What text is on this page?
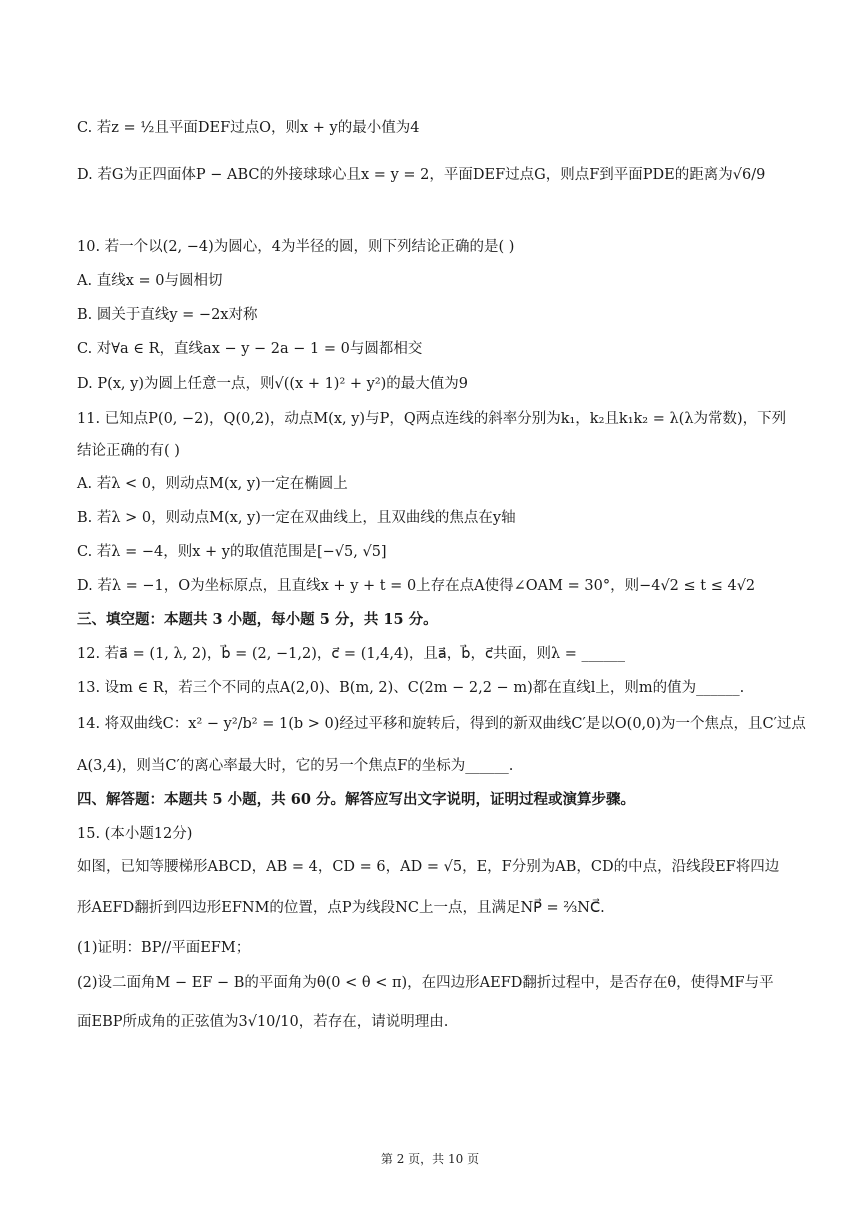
C. 若z = ½且平面DEF过点O，则x + y的最小值为4
D. 若G为正四面体P − ABC的外接球球心且x = y = 2，平面DEF过点G，则点F到平面PDE的距离为√6/9
10. 若一个以(2, −4)为圆心，4为半径的圆，则下列结论正确的是( )
A. 直线x = 0与圆相切
B. 圆关于直线y = −2x对称
C. 对∀a ∈ R，直线ax − y − 2a − 1 = 0与圆都相交
D. P(x, y)为圆上任意一点，则√((x + 1)² + y²)的最大值为9
11. 已知点P(0, −2)，Q(0,2)，动点M(x, y)与P，Q两点连线的斜率分别为k₁，k₂且k₁k₂ = λ(λ为常数)，下列
结论正确的有( )
A. 若λ < 0，则动点M(x, y)一定在椭圆上
B. 若λ > 0，则动点M(x, y)一定在双曲线上，且双曲线的焦点在y轴
C. 若λ = −4，则x + y的取值范围是[−√5, √5]
D. 若λ = −1，O为坐标原点，且直线x + y + t = 0上存在点A使得∠OAM = 30°，则−4√2 ≤ t ≤ 4√2
三、填空题：本题共 3 小题，每小题 5 分，共 15 分。
12. 若a⃗ = (1, λ, 2)，b⃗ = (2, −1,2)，c⃗ = (1,4,4)，且a⃗，b⃗，c⃗共面，则λ = ______
13. 设m ∈ R，若三个不同的点A(2,0)、B(m, 2)、C(2m − 2,2 − m)都在直线l上，则m的值为______.
14. 将双曲线C：x² − y²/b² = 1(b > 0)经过平移和旋转后，得到的新双曲线C′是以O(0,0)为一个焦点，且C′过点
A(3,4)，则当C′的离心率最大时，它的另一个焦点F的坐标为______.
四、解答题：本题共 5 小题，共 60 分。解答应写出文字说明，证明过程或演算步骤。
15. (本小题12分)
如图，已知等腰梯形ABCD，AB = 4，CD = 6，AD = √5，E，F分别为AB，CD的中点，沿线段EF将四边
形AEFD翻折到四边形EFNM的位置，点P为线段NC上一点，且满足NP⃗ = ⅔NC⃗.
(1)证明：BP//平面EFM；
(2)设二面角M − EF − B的平面角为θ(0 < θ < π)，在四边形AEFD翻折过程中，是否存在θ，使得MF与平
面EBP所成角的正弦值为3√10/10，若存在，请说明理由.
第 2 页，共 10 页
